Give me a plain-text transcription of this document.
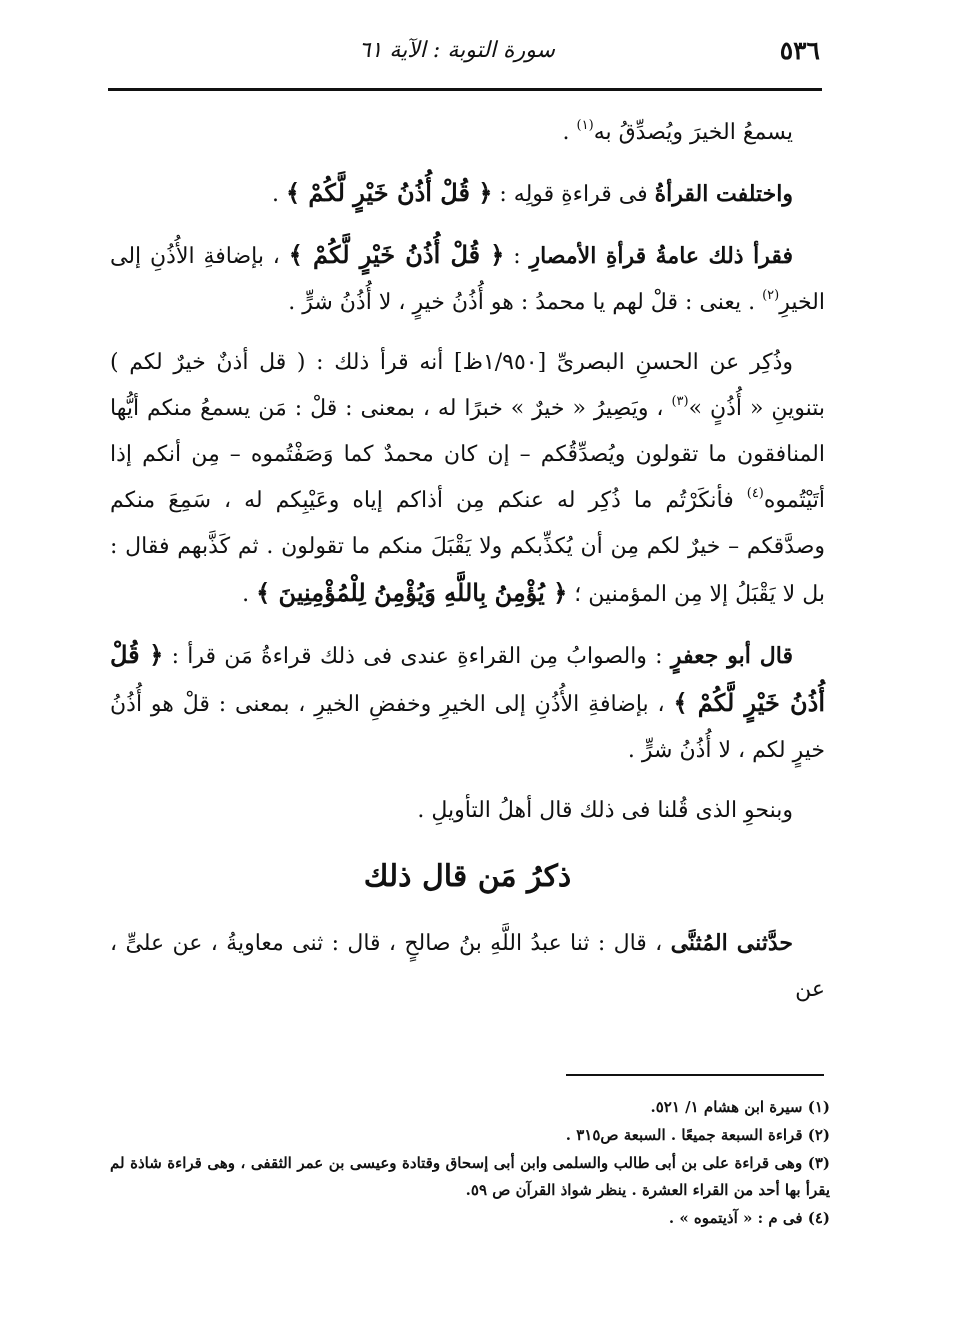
٥٣٦
سورة التوبة : الآية ٦١

يسمعُ الخيرَ ويُصدِّقُ به$^{(١)}$ .

واختلفت القرأةُ فى قراءةِ قولِه : ﴿ قُلْ أُذُنُ خَيْرٍ لَّكُمْ ﴾ .

فقرأ ذلك عامةُ قرأةِ الأمصارِ : ﴿ قُلْ أُذُنُ خَيْرٍ لَّكُمْ ﴾ ، بإضافةِ الأُذُنِ إلى الخيرِ$^{(٢)}$ . يعنى : قلْ لهم يا محمدُ : هو أُذُنُ خيرٍ ، لا أُذُنُ شرٍّ .

وذُكِر عن الحسنِ البصرىِّ [١/٩٥٠ظ] أنه قرأ ذلك : ( قل أذنٌ خيرٌ لكم ) بتنوينِ « أُذُنٍ »$^{(٣)}$ ، ويَصِيرُ « خيرٌ » خبرًا له ، بمعنى : قلْ : مَن يسمعُ منكم أيُّها المنافقون ما تقولون ويُصدِّقُكم – إن كان محمدٌ كما وَصَفْتُموه – مِن أنكم إذا أتَيْتُموه$^{(٤)}$ فأنكَرْتُم ما ذُكِر له عنكم مِن أذاكم إياه وعَيْبِكم له ، سَمِعَ منكم وصدَّقكم – خيرٌ لكم مِن أن يُكذِّبكم ولا يَقْبَلَ منكم ما تقولون . ثم كَذَّبهم فقال : بل لا يَقْبَلُ إلا مِن المؤمنين ؛ ﴿ يُؤْمِنُ بِاللَّهِ وَيُؤْمِنُ لِلْمُؤْمِنِينَ ﴾ .

قال أبو جعفرٍ : والصوابُ مِن القراءةِ عندى فى ذلك قراءةُ مَن قرأ : ﴿ قُلْ أُذُنُ خَيْرٍ لَّكُمْ ﴾ ، بإضافةِ الأُذُنِ إلى الخيرِ وخفضِ الخيرِ ، بمعنى : قلْ هو أُذُنُ خيرٍ لكم ، لا أُذُنُ شرٍّ .

وبنحوِ الذى قُلنا فى ذلك قال أهلُ التأويلِ .

ذكرُ مَن قال ذلك

حدَّثنى المُثنَّى ، قال : ثنا عبدُ اللَّهِ بنُ صالحٍ ، قال : ثنى معاويةُ ، عن علىٍّ ، عن

(١) سيرة ابن هشام ١/ ٥٢١.

(٢) قراءة السبعة جميعًا . السبعة ص٣١٥ .

(٣) وهى قراءة على بن أبى طالب والسلمى وابن أبى إسحاق وقتادة وعيسى بن عمر الثقفى ، وهى قراءة شاذة لم يقرأ بها أحد من القراء العشرة . ينظر شواذ القرآن ص ٥٩.

(٤) فى م : « آذيتموه » .
